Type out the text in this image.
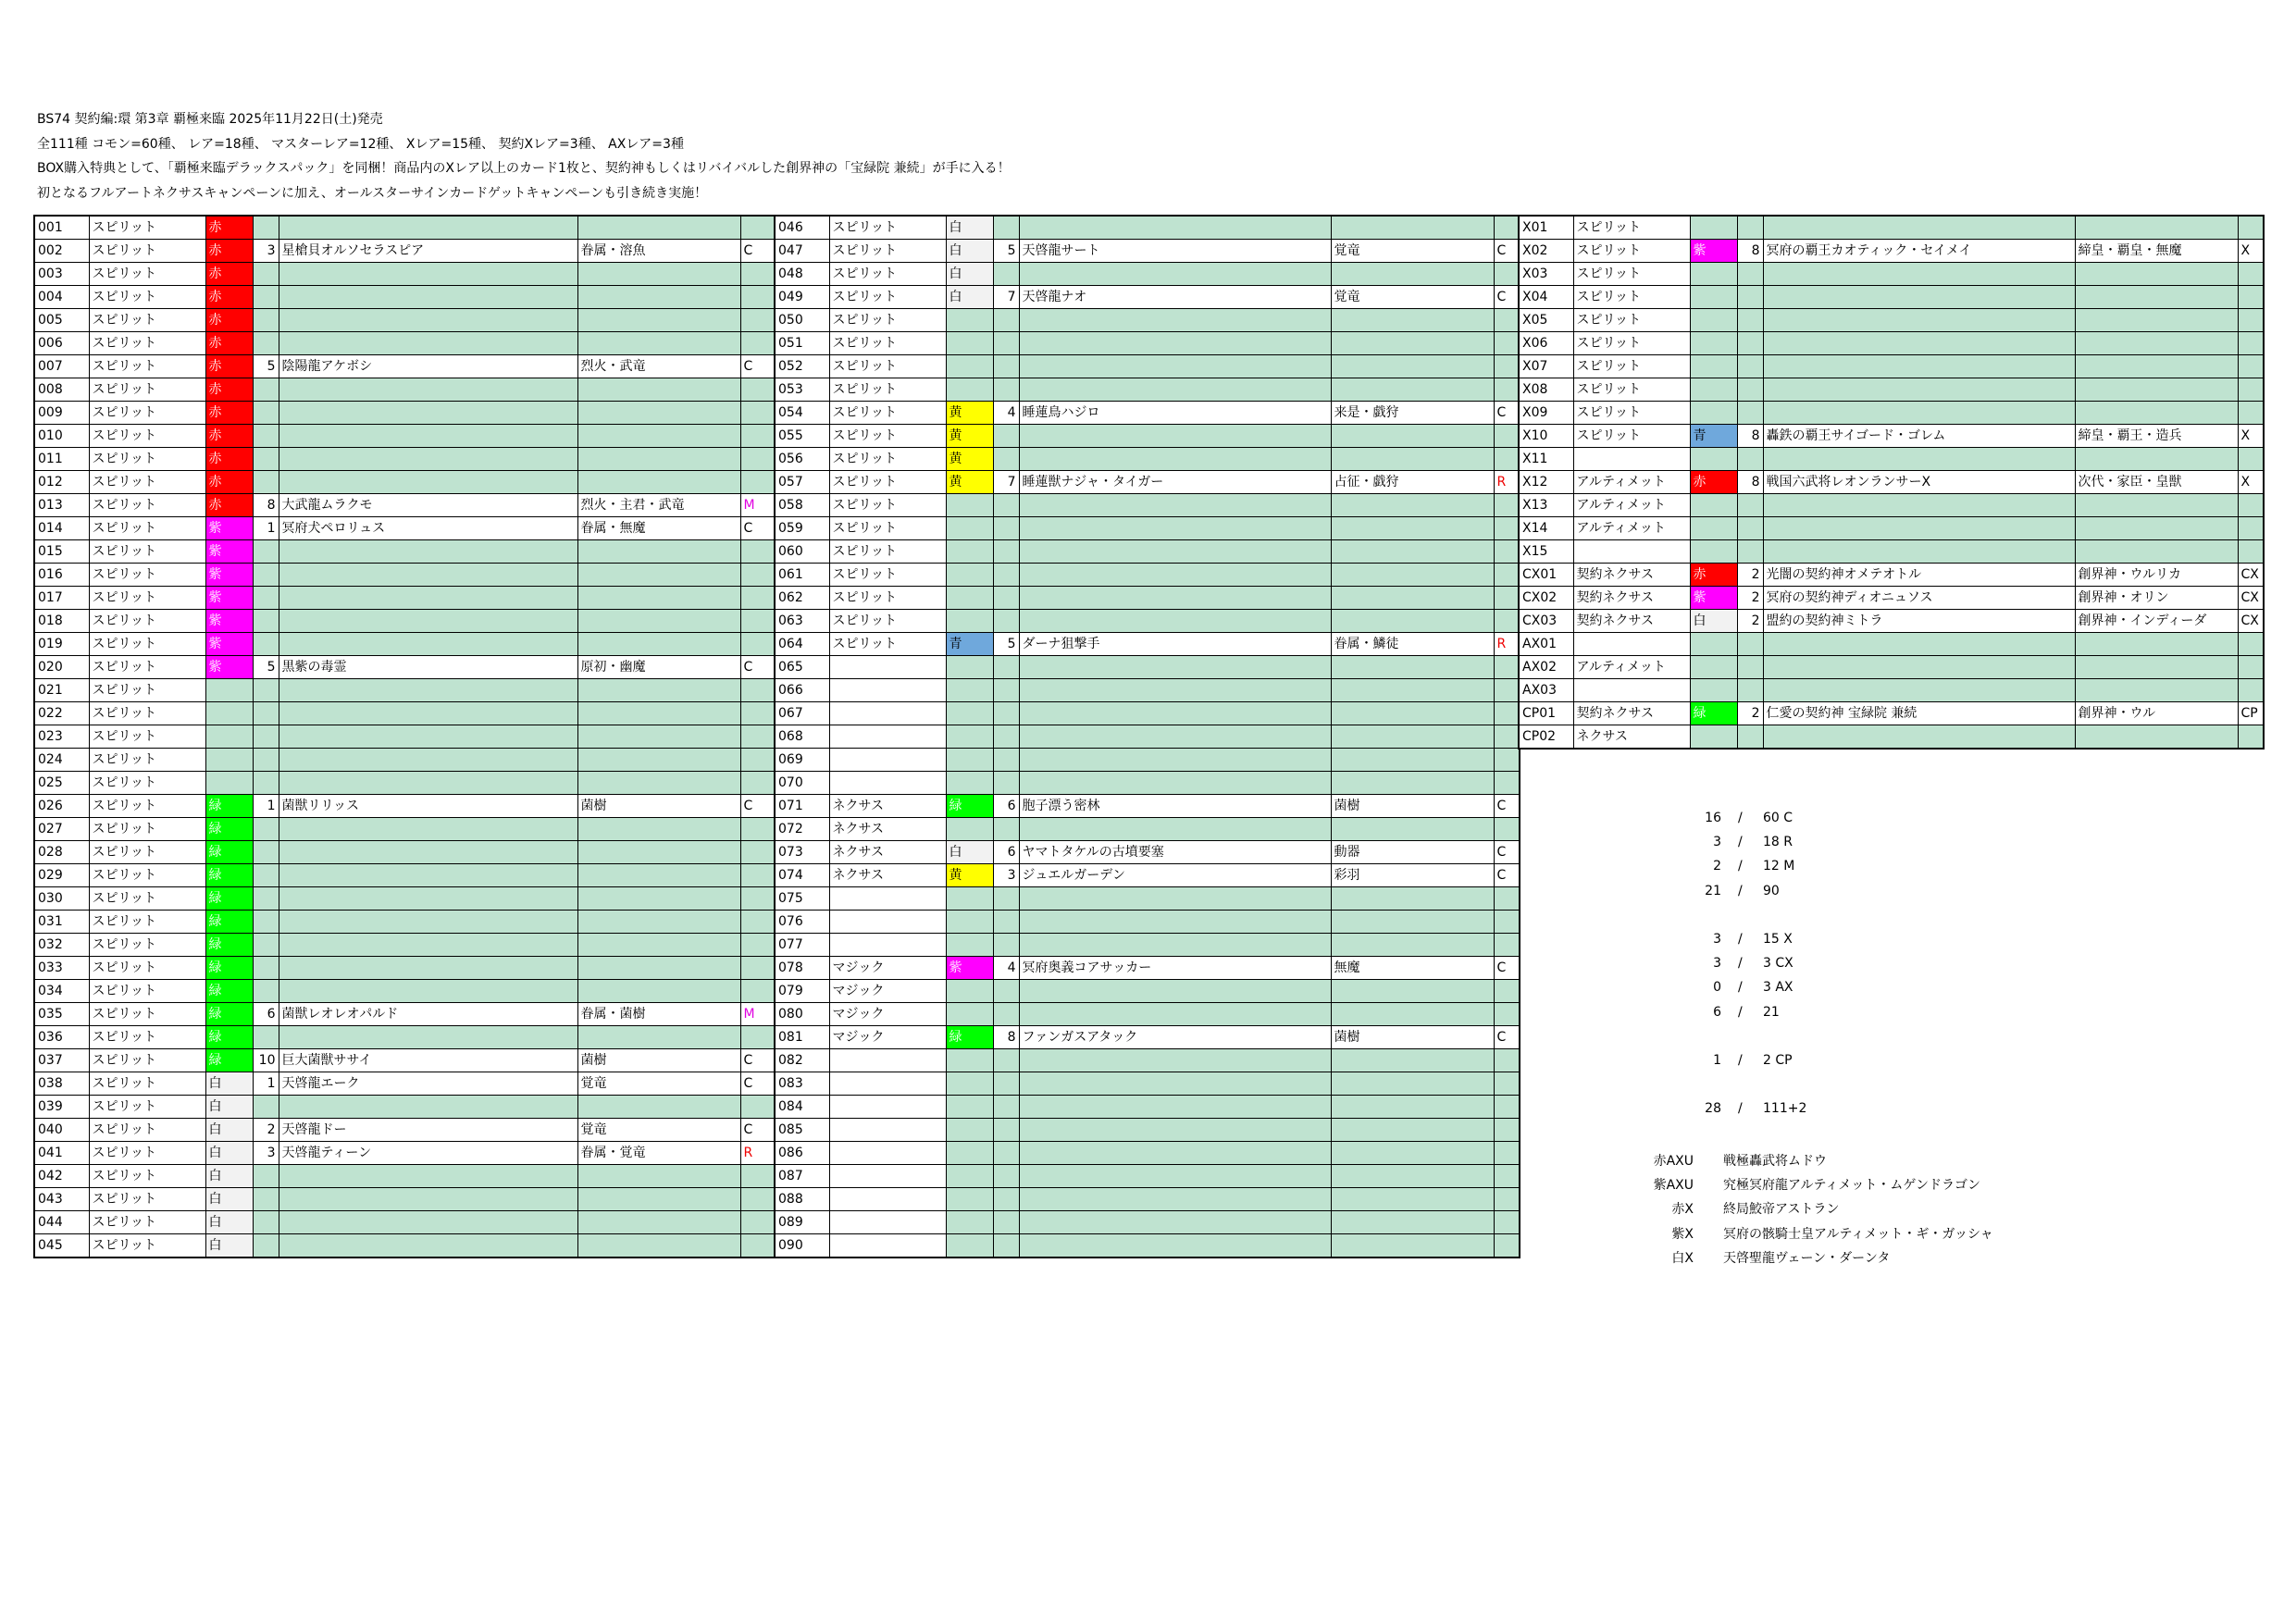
BS74 契約編:環 第3章 覇極来臨 2025年11月22日(土)発売
全111種 コモン=60種、 レア=18種、 マスターレア=12種、 Xレア=15種、 契約Xレア=3種、 AXレア=3種
BOX購入特典として、「覇極来臨デラックスパック」を同梱！商品内のXレア以上のカード1枚と、契約神もしくはリバイバルした創界神の「宝緑院 兼続」が手に入る！
初となるフルアートネクサスキャンペーンに加え、オールスターサインカードゲットキャンペーンも引き続き実施！
001	スピリット	赤				
002	スピリット	赤	3	星槍貝オルソセラスピア	眷属・溶魚	C
003	スピリット	赤				
004	スピリット	赤				
005	スピリット	赤				
006	スピリット	赤				
007	スピリット	赤	5	陰陽龍アケボシ	烈火・武竜	C
008	スピリット	赤				
009	スピリット	赤				
010	スピリット	赤				
011	スピリット	赤				
012	スピリット	赤				
013	スピリット	赤	8	大武龍ムラクモ	烈火・主君・武竜	M
014	スピリット	紫	1	冥府犬ペロリュス	眷属・無魔	C
015	スピリット	紫				
016	スピリット	紫				
017	スピリット	紫				
018	スピリット	紫				
019	スピリット	紫				
020	スピリット	紫	5	黒紫の毒霊	原初・幽魔	C
021	スピリット					
022	スピリット					
023	スピリット					
024	スピリット					
025	スピリット					
026	スピリット	緑	1	菌獣リリッス	菌樹	C
027	スピリット	緑				
028	スピリット	緑				
029	スピリット	緑				
030	スピリット	緑				
031	スピリット	緑				
032	スピリット	緑				
033	スピリット	緑				
034	スピリット	緑				
035	スピリット	緑	6	菌獣レオレオパルド	眷属・菌樹	M
036	スピリット	緑				
037	スピリット	緑	10	巨大菌獣ササイ	菌樹	C
038	スピリット	白	1	天啓龍エーク	覚竜	C
039	スピリット	白				
040	スピリット	白	2	天啓龍ドー	覚竜	C
041	スピリット	白	3	天啓龍ティーン	眷属・覚竜	R
042	スピリット	白				
043	スピリット	白				
044	スピリット	白				
045	スピリット	白				
046	スピリット	白				
047	スピリット	白	5	天啓龍サート	覚竜	C
048	スピリット	白				
049	スピリット	白	7	天啓龍ナオ	覚竜	C
050	スピリット					
051	スピリット					
052	スピリット					
053	スピリット					
054	スピリット	黄	4	睡蓮鳥ハジロ	来是・戯狩	C
055	スピリット	黄				
056	スピリット	黄				
057	スピリット	黄	7	睡蓮獣ナジャ・タイガー	占征・戯狩	R
058	スピリット					
059	スピリット					
060	スピリット					
061	スピリット					
062	スピリット					
063	スピリット					
064	スピリット	青	5	ダーナ狙撃手	眷属・鱗徒	R
065						
066						
067						
068						
069						
070						
071	ネクサス	緑	6	胞子漂う密林	菌樹	C
072	ネクサス					
073	ネクサス	白	6	ヤマトタケルの古墳要塞	動器	C
074	ネクサス	黄	3	ジュエルガーデン	彩羽	C
075						
076						
077						
078	マジック	紫	4	冥府奥義コアサッカー	無魔	C
079	マジック					
080	マジック					
081	マジック	緑	8	ファンガスアタック	菌樹	C
082						
083						
084						
085						
086						
087						
088						
089						
090						
X01	スピリット					
X02	スピリット	紫	8	冥府の覇王カオティック・セイメイ	締皇・覇皇・無魔	X
X03	スピリット					
X04	スピリット					
X05	スピリット					
X06	スピリット					
X07	スピリット					
X08	スピリット					
X09	スピリット					
X10	スピリット	青	8	轟鉄の覇王サイゴード・ゴレム	締皇・覇王・造兵	X
X11						
X12	アルティメット	赤	8	戦国六武将レオンランサーX	次代・家臣・皇獣	X
X13	アルティメット					
X14	アルティメット					
X15						
CX01	契約ネクサス	赤	2	光闇の契約神オメテオトル	創界神・ウルリカ	CX
CX02	契約ネクサス	紫	2	冥府の契約神ディオニュソス	創界神・オリン	CX
CX03	契約ネクサス	白	2	盟約の契約神ミトラ	創界神・インディーダ	CX
AX01						
AX02	アルティメット					
AX03						
CP01	契約ネクサス	緑	2	仁愛の契約神 宝緑院 兼続	創界神・ウル	CP
CP02	ネクサス					
16 / 60 C
3 / 18 R
2 / 12 M
21 / 90
3 / 15 X
3 / 3 CX
0 / 3 AX
6 / 21
1 / 2 CP
28 / 111+2
赤AXU 戦極轟武将ムドウ
紫AXU 究極冥府龍アルティメット・ムゲンドラゴン
赤X 終局鮫帝アストラン
紫X 冥府の骸騎士皇アルティメット・ギ・ガッシャ
白X 天啓聖龍ヴェーン・ダーンタ
